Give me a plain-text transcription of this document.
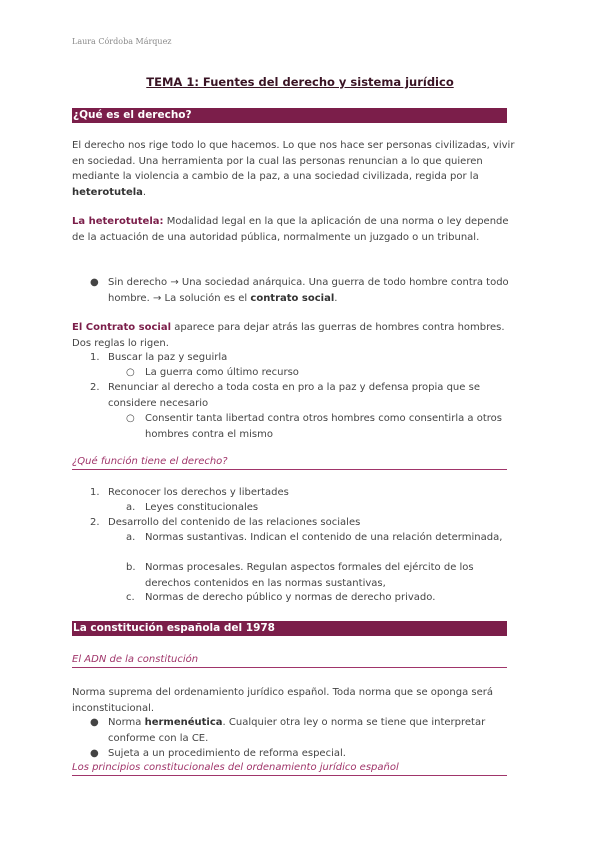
Laura Córdoba Márquez
TEMA 1: Fuentes del derecho y sistema jurídico
¿Qué es el derecho?
El derecho nos rige todo lo que hacemos. Lo que nos hace ser personas civilizadas, vivir en sociedad. Una herramienta por la cual las personas renuncian a lo que quieren mediante la violencia a cambio de la paz, a una sociedad civilizada, regida por la heterotutela.
La heterotutela: Modalidad legal en la que la aplicación de una norma o ley depende de la actuación de una autoridad pública, normalmente un juzgado o un tribunal.
● Sin derecho → Una sociedad anárquica. Una guerra de todo hombre contra todo hombre. → La solución es el contrato social.
El Contrato social aparece para dejar atrás las guerras de hombres contra hombres. Dos reglas lo rigen.
1. Buscar la paz y seguirla
○ La guerra como último recurso
2. Renunciar al derecho a toda costa en pro a la paz y defensa propia que se considere necesario
○ Consentir tanta libertad contra otros hombres como consentirla a otros hombres contra el mismo
¿Qué función tiene el derecho?
1. Reconocer los derechos y libertades
a. Leyes constitucionales
2. Desarrollo del contenido de las relaciones sociales
a. Normas sustantivas. Indican el contenido de una relación determinada,
b. Normas procesales. Regulan aspectos formales del ejército de los derechos contenidos en las normas sustantivas,
c. Normas de derecho público y normas de derecho privado.
La constitución española del 1978
El ADN de la constitución
Norma suprema del ordenamiento jurídico español. Toda norma que se oponga será inconstitucional.
● Norma hermenéutica. Cualquier otra ley o norma se tiene que interpretar conforme con la CE.
● Sujeta a un procedimiento de reforma especial.
Los principios constitucionales del ordenamiento jurídico español
